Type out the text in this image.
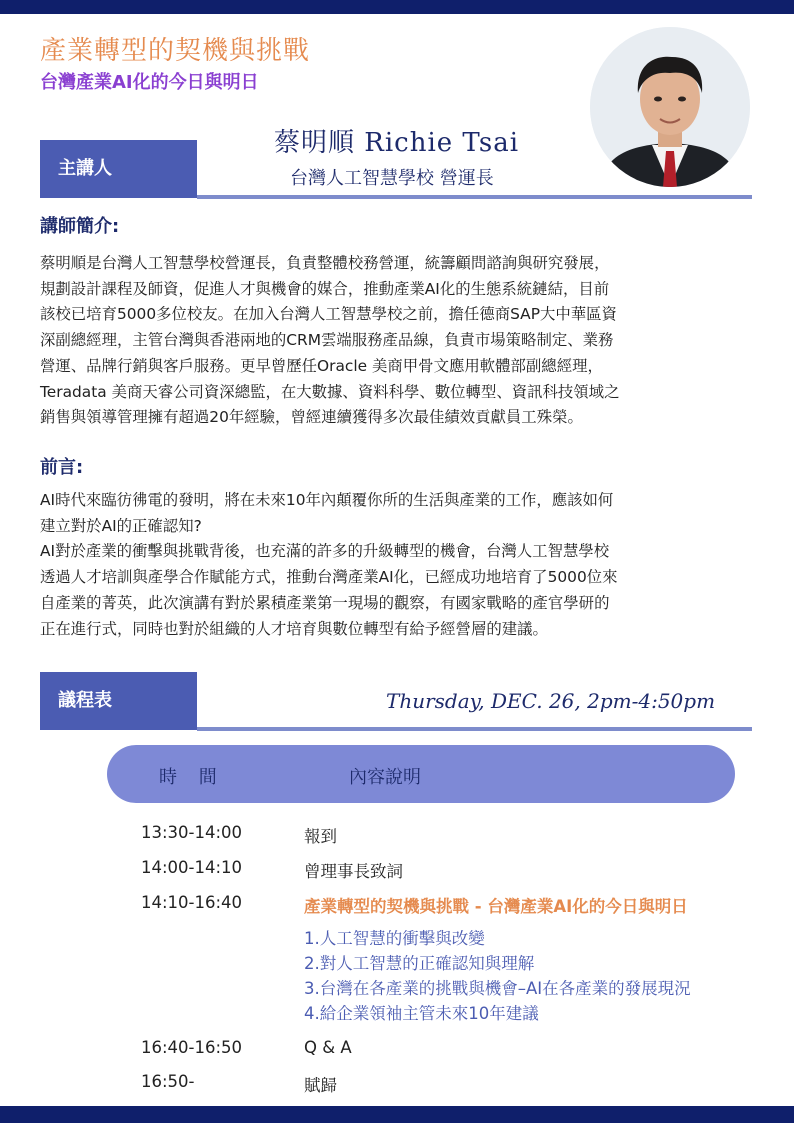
產業轉型的契機與挑戰
台灣產業AI化的今日與明日
主講人
蔡明順 Richie Tsai
台灣人工智慧學校 營運長
講師簡介:
蔡明順是台灣人工智慧學校營運長，負責整體校務營運，統籌顧問諮詢與研究發展，
規劃設計課程及師資，促進人才與機會的媒合，推動產業AI化的生態系統鏈結，目前
該校已培育5000多位校友。在加入台灣人工智慧學校之前，擔任德商SAP大中華區資
深副總經理，主管台灣與香港兩地的CRM雲端服務產品線，負責市場策略制定、業務
營運、品牌行銷與客戶服務。更早曾歷任Oracle 美商甲骨文應用軟體部副總經理，
Teradata 美商天睿公司資深總監，在大數據、資料科學、數位轉型、資訊科技領域之
銷售與領導管理擁有超過20年經驗，曾經連續獲得多次最佳績效貢獻員工殊榮。
前言:
AI時代來臨彷彿電的發明，將在未來10年內顛覆你所的生活與產業的工作，應該如何
建立對於AI的正確認知?
AI對於產業的衝擊與挑戰背後，也充滿的許多的升級轉型的機會，台灣人工智慧學校
透過人才培訓與產學合作賦能方式，推動台灣產業AI化，已經成功地培育了5000位來
自產業的菁英，此次演講有對於累積產業第一現場的觀察，有國家戰略的產官學研的
正在進行式，同時也對於組織的人才培育與數位轉型有給予經營層的建議。
議程表	Thursday, DEC. 26, 2pm-4:50pm
時 間	內容說明
13:30-14:00	報到
14:00-14:10	曾理事長致詞
14:10-16:40	產業轉型的契機與挑戰 - 台灣產業AI化的今日與明日
1.人工智慧的衝擊與改變
2.對人工智慧的正確認知與理解
3.台灣在各產業的挑戰與機會–AI在各產業的發展現況
4.給企業領袖主管未來10年建議
16:40-16:50	Q & A
16:50-	賦歸
